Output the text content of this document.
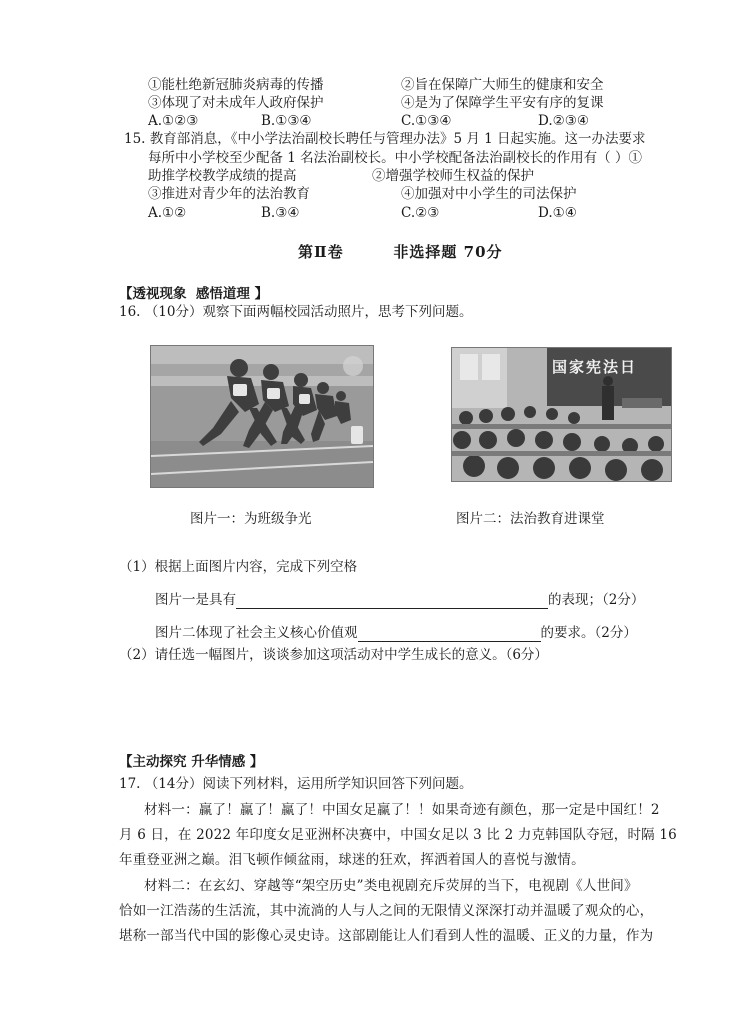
①能杜绝新冠肺炎病毒的传播	②旨在保障广大师生的健康和安全
③体现了对未成年人政府保护	④是为了保障学生平安有序的复课
A.①②③	B.①③④	C.①③④	D.②③④
15. 教育部消息，《中小学法治副校长聘任与管理办法》5 月 1 日起实施。这一办法要求
每所中小学校至少配备 1 名法治副校长。中小学校配备法治副校长的作用有（ ）①
助推学校教学成绩的提高	②增强学校师生权益的保护
③推进对青少年的法治教育	④加强对中小学生的司法保护
A.①②	B.③④	C.②③	D.①④
第Ⅱ卷        非选择题 70分
【透视现象  感悟道理 】
16. （10分）观察下面两幅校园活动照片，思考下列问题。
国家宪法日
图片一：为班级争光	图片二：法治教育进课堂
（1）根据上面图片内容，完成下列空格
图片一是具有	的表现；（2分）
图片二体现了社会主义核心价值观	的要求。（2分）
（2）请任选一幅图片，谈谈参加这项活动对中学生成长的意义。（6分）
【主动探究 升华情感 】
17. （14分）阅读下列材料，运用所学知识回答下列问题。
材料一：赢了！赢了！赢了！中国女足赢了！！如果奇迹有颜色，那一定是中国红！2
月 6 日，在 2022 年印度女足亚洲杯决赛中，中国女足以 3 比 2 力克韩国队夺冠，时隔 16
年重登亚洲之巅。泪飞顿作倾盆雨，球迷的狂欢，挥洒着国人的喜悦与激情。
材料二：在玄幻、穿越等“架空历史”类电视剧充斥荧屏的当下，电视剧《人世间》
恰如一江浩荡的生活流，其中流淌的人与人之间的无限情义深深打动并温暖了观众的心，
堪称一部当代中国的影像心灵史诗。这部剧能让人们看到人性的温暖、正义的力量，作为
